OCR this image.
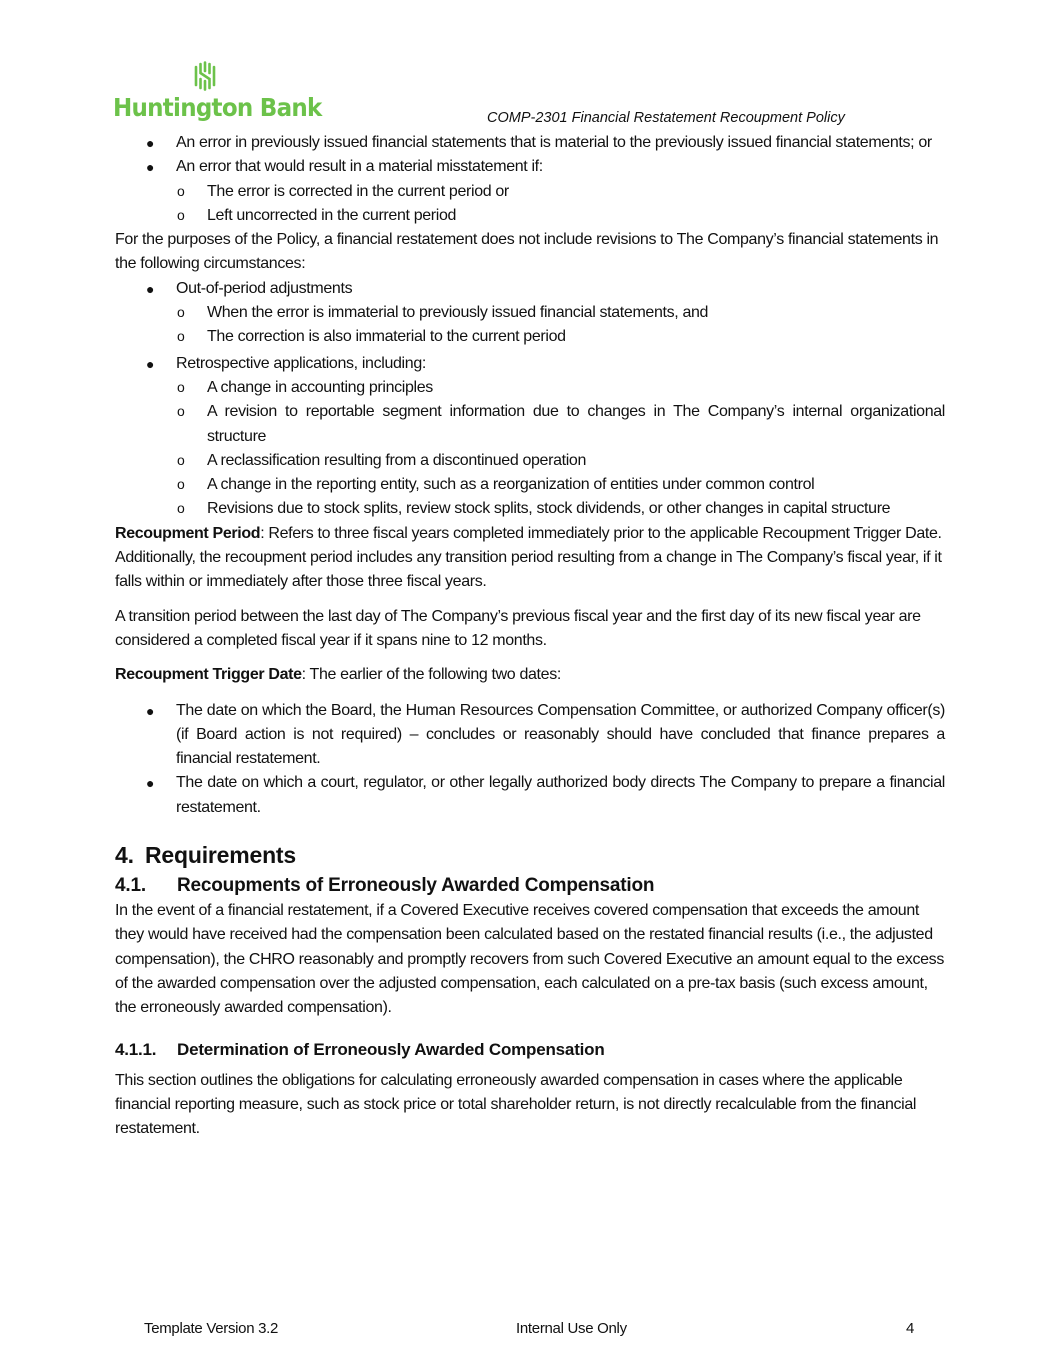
Huntington Bank	COMP-2301 Financial Restatement Recoupment Policy
● An error in previously issued financial statements that is material to the previously issued financial statements; or
● An error that would result in a material misstatement if:
o The error is corrected in the current period or
o Left uncorrected in the current period

For the purposes of the Policy, a financial restatement does not include revisions to The Company’s financial statements in the following circumstances:

● Out-of-period adjustments
o When the error is immaterial to previously issued financial statements, and
o The correction is also immaterial to the current period
● Retrospective applications, including:
o A change in accounting principles
o A revision to reportable segment information due to changes in The Company’s internal organizational structure
o A reclassification resulting from a discontinued operation
o A change in the reporting entity, such as a reorganization of entities under common control
o Revisions due to stock splits, review stock splits, stock dividends, or other changes in capital structure

Recoupment Period: Refers to three fiscal years completed immediately prior to the applicable Recoupment Trigger Date. Additionally, the recoupment period includes any transition period resulting from a change in The Company’s fiscal year, if it falls within or immediately after those three fiscal years.

A transition period between the last day of The Company’s previous fiscal year and the first day of its new fiscal year are considered a completed fiscal year if it spans nine to 12 months.

Recoupment Trigger Date: The earlier of the following two dates:

● The date on which the Board, the Human Resources Compensation Committee, or authorized Company officer(s) (if Board action is not required) – concludes or reasonably should have concluded that finance prepares a financial restatement.
● The date on which a court, regulator, or other legally authorized body directs The Company to prepare a financial restatement.
4. Requirements
4.1. Recoupments of Erroneously Awarded Compensation

In the event of a financial restatement, if a Covered Executive receives covered compensation that exceeds the amount they would have received had the compensation been calculated based on the restated financial results (i.e., the adjusted compensation), the CHRO reasonably and promptly recovers from such Covered Executive an amount equal to the excess of the awarded compensation over the adjusted compensation, each calculated on a pre-tax basis (such excess amount, the erroneously awarded compensation).

4.1.1. Determination of Erroneously Awarded Compensation

This section outlines the obligations for calculating erroneously awarded compensation in cases where the applicable financial reporting measure, such as stock price or total shareholder return, is not directly recalculable from the financial restatement.

Template Version 3.2	Internal Use Only	4
